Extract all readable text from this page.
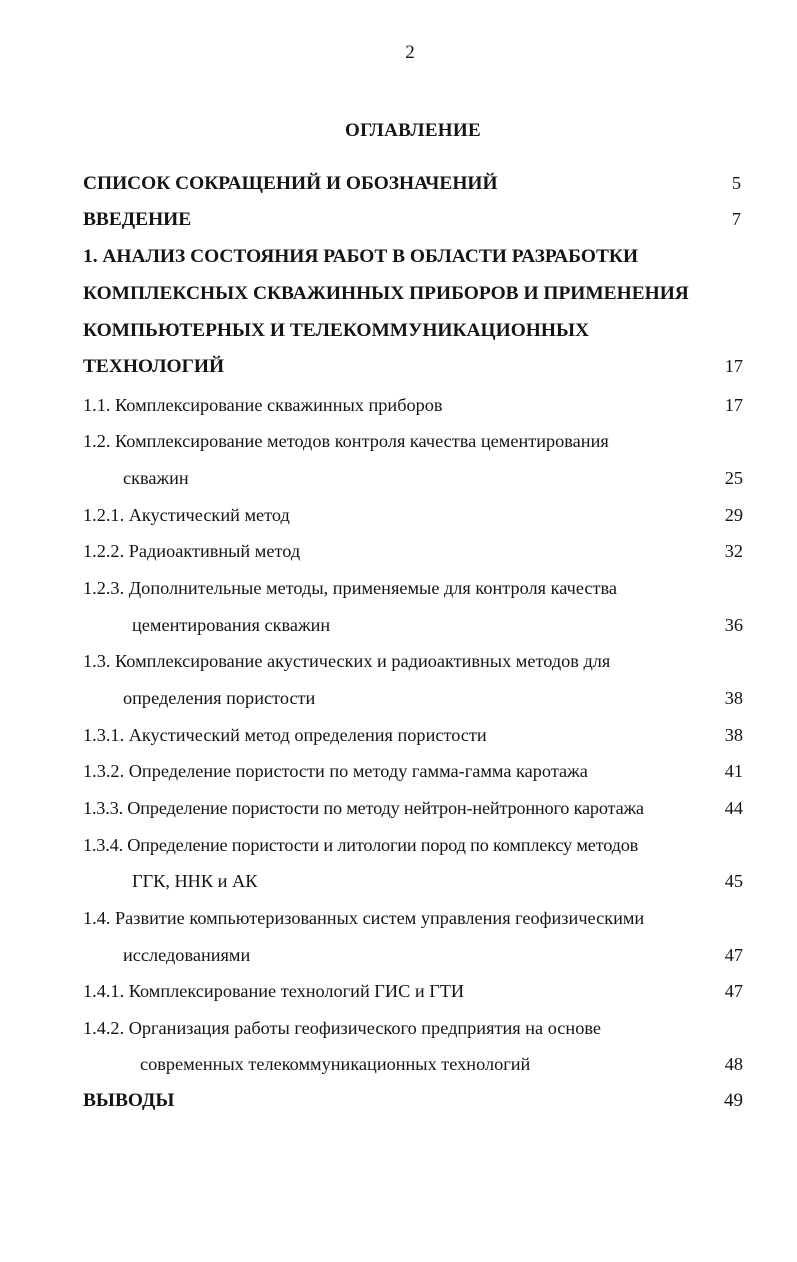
2
ОГЛАВЛЕНИЕ
СПИСОК СОКРАЩЕНИЙ И ОБОЗНАЧЕНИЙ	5
ВВЕДЕНИЕ	7
1. АНАЛИЗ СОСТОЯНИЯ РАБОТ В ОБЛАСТИ РАЗРАБОТКИ
КОМПЛЕКСНЫХ СКВАЖИННЫХ ПРИБОРОВ И ПРИМЕНЕНИЯ
КОМПЬЮТЕРНЫХ И ТЕЛЕКОММУНИКАЦИОННЫХ
ТЕХНОЛОГИЙ	17
1.1. Комплексирование скважинных приборов	17
1.2. Комплексирование методов контроля качества цементирования
скважин	25
1.2.1. Акустический метод	29
1.2.2. Радиоактивный метод	32
1.2.3. Дополнительные методы, применяемые для контроля качества
цементирования скважин	36
1.3. Комплексирование акустических и радиоактивных методов для
определения пористости	38
1.3.1. Акустический метод определения пористости	38
1.3.2. Определение пористости по методу гамма-гамма каротажа	41
1.3.3. Определение пористости по методу нейтрон-нейтронного каротажа	44
1.3.4. Определение пористости и литологии пород по комплексу методов
ГГК, ННК и АК	45
1.4. Развитие компьютеризованных систем управления геофизическими
исследованиями	47
1.4.1. Комплексирование технологий ГИС и ГТИ	47
1.4.2. Организация работы геофизического предприятия на основе
современных телекоммуникационных технологий	48
ВЫВОДЫ	49
